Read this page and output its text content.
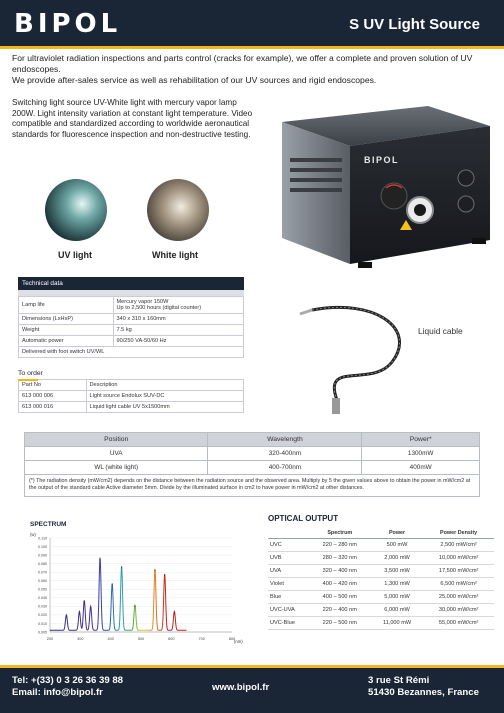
BIPOL	S UV Light Source
For ultraviolet radiation inspections and parts control (cracks for example), we offer a complete and proven solution of UV endoscopes.
We provide after-sales service as well as rehabilitation of our UV sources and rigid endoscopes.
Switching light source UV-White light with mercury vapor lamp 200W. Light intensity variation at constant light temperature. Video compatible and standardized according to worldwide aeronautical standards for fluorescence inspection and non-destructive testing.
BIPOL
UV light	White light
Technical data
Lamp life	Mercury vapor 150W
Up to 2,500 hours (digital counter)
Dimensions (LxHxP)	340 x 310 x 160mm
Weight	7.5 kg
Automatic power	90/250 VA-50/60 Hz
Delivered with foot switch UV/WL	
To order
Part No	Description
613 000 006	Light source Endolux SUV-DC
613 000 016	Liquid light cable UV 5x1500mm
Liquid cable
Position	Wavelength	Power*
UVA	320-400nm	1300mW
WL (white light)	400-700nm	400mW
(*) The radiation density (mW/cm2) depends on the distance between the radiation source and the observed area. Multiply by 5 the given values above to obtain the power in mW/cm2 at the output of the standard cable Active diameter 5mm. Divide by the illuminated surface in cm2 to have power in mW/cm2 at other distances.
SPECTRUM
(w)
(nm)
0.110
0.100
0.090
0.080
0.070
0.060
0.050
0.040
0.030
0.020
0.010
0.005
200	300	400	500	600	700	800
OPTICAL OUTPUT
	Spectrum	Power	Power Density
UVC	220 – 280 nm	500 mW	2,500 mW/cm²
UVB	280 – 320 nm	2,000 mW	10,000 mW/cm²
UVA	320 – 400 nm	3,500 mW	17,500 mW/cm²
Violet	400 – 420 nm	1,300 mW	6,500 mW/cm²
Blue	400 – 500 nm	5,000 mW	25,000 mW/cm²
UVC-UVA	220 – 400 nm	6,000 mW	30,000 mW/cm²
UVC-Blue	220 – 500 nm	11,000 mW	55,000 mW/cm²
Tel: +(33) 0 3 26 36 39 88
Email: info@bipol.fr	www.bipol.fr
3 rue St Rémi
51430 Bezannes, France
